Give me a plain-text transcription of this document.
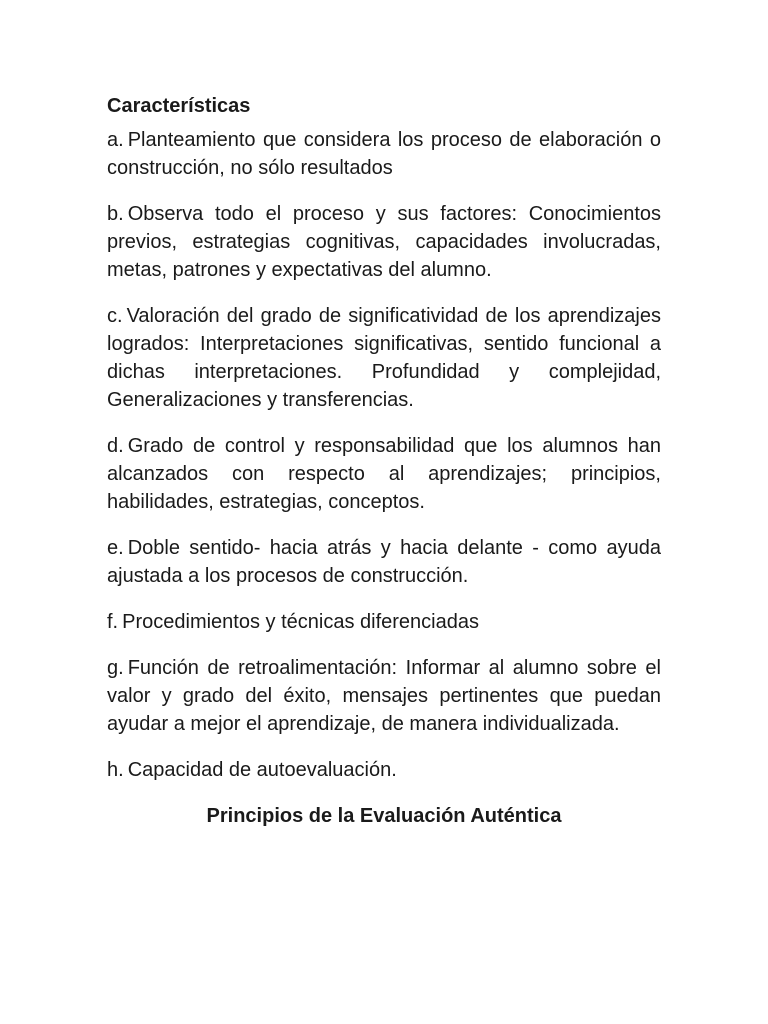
Características

a. Planteamiento que considera los proceso de elaboración o construcción, no sólo resultados

b. Observa todo el proceso y sus factores: Conocimientos previos, estrategias cognitivas, capacidades involucradas, metas, patrones y expectativas del alumno.

c. Valoración del grado de significatividad de los aprendizajes logrados: Interpretaciones significativas, sentido funcional a dichas interpretaciones. Profundidad y complejidad, Generalizaciones y transferencias.

d. Grado de control y responsabilidad que los alumnos han alcanzados con respecto al aprendizajes; principios, habilidades, estrategias, conceptos.

e. Doble sentido- hacia atrás y hacia delante - como ayuda ajustada a los procesos de construcción.

f. Procedimientos y técnicas diferenciadas

g. Función de retroalimentación: Informar al alumno sobre el valor y grado del éxito, mensajes pertinentes que puedan ayudar a mejor el aprendizaje, de manera individualizada.

h. Capacidad de autoevaluación.

Principios de la Evaluación Auténtica
